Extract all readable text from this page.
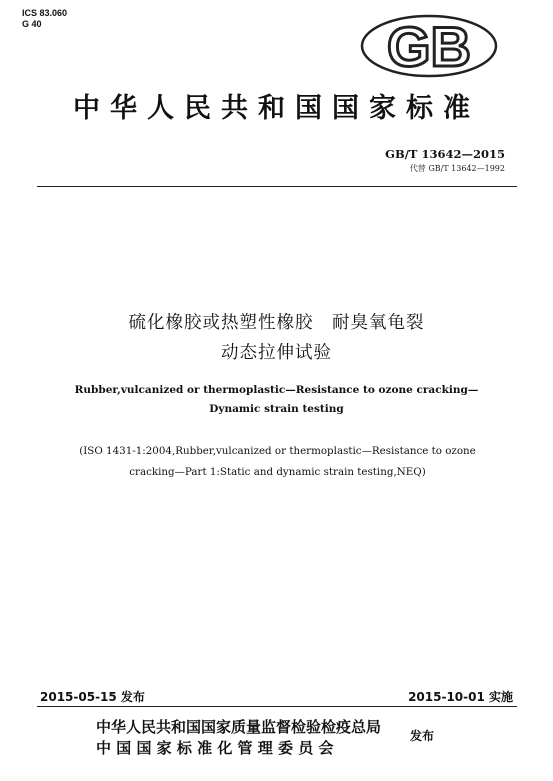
ICS 83.060
G 40	GB
中华人民共和国国家标准
GB/T 13642—2015
代替 GB/T 13642—1992
硫化橡胶或热塑性橡胶　耐臭氧龟裂
动态拉伸试验
Rubber,vulcanized or thermoplastic—Resistance to ozone cracking—
Dynamic strain testing
(ISO 1431-1:2004,Rubber,vulcanized or thermoplastic—Resistance to ozone
cracking—Part 1:Static and dynamic strain testing,NEQ)
2015-05-15 发布	2015-10-01 实施
中华人民共和国国家质量监督检验检疫总局
中 国 国 家 标 准 化 管 理 委 员 会
发布
